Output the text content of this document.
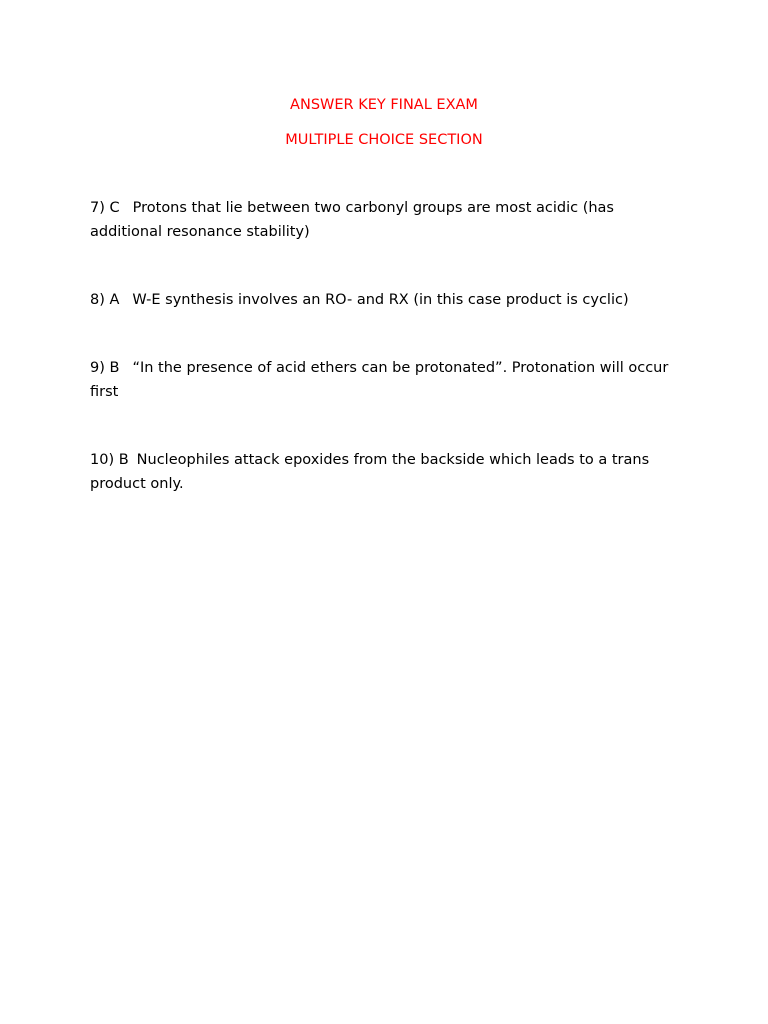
ANSWER KEY FINAL EXAM
MULTIPLE CHOICE SECTION
7) C Protons that lie between two carbonyl groups are most acidic (has additional resonance stability)
8) A W-E synthesis involves an RO- and RX (in this case product is cyclic)
9) B “In the presence of acid ethers can be protonated”. Protonation will occur first
10) B Nucleophiles attack epoxides from the backside which leads to a trans product only.
